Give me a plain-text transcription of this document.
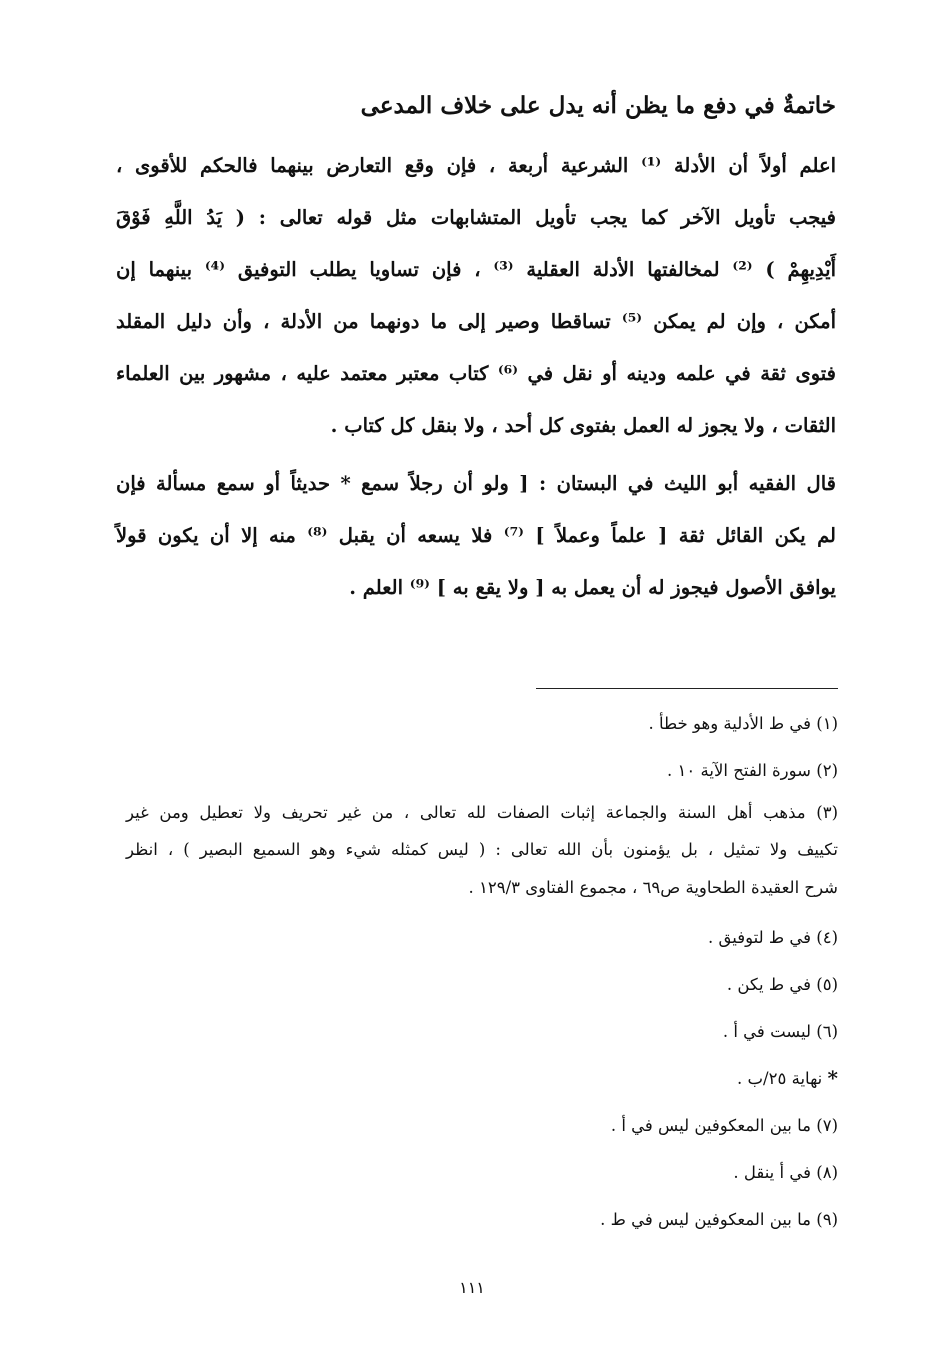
خاتمةٌ في دفع ما يظن أنه يدل على خلاف المدعى
اعلم أولاً أن الأدلة ⁽¹⁾ الشرعية أربعة ، فإن وقع التعارض بينهما فالحكم للأقوى ،
فيجب تأويل الآخر كما يجب تأويل المتشابهات مثل قوله تعالى : ( يَدُ اللَّهِ فَوْقَ
أَيْدِيهِمْ ) ⁽²⁾ لمخالفتها الأدلة العقلية ⁽³⁾ ، فإن تساويا يطلب التوفيق ⁽⁴⁾ بينهما إن
أمكن ، وإن لم يمكن ⁽⁵⁾ تساقطا وصير إلى ما دونهما من الأدلة ، وأن دليل المقلد
فتوى ثقة في علمه ودينه أو نقل في ⁽⁶⁾ كتاب معتبر معتمد عليه ، مشهور بين العلماء
الثقات ، ولا يجوز له العمل بفتوى كل أحد ، ولا بنقل كل كتاب .
قال الفقيه أبو الليث في البستان : [ ولو أن رجلاً سمع * حديثاً أو سمع مسألة فإن
لم يكن القائل ثقة [ علماً وعملاً ] ⁽⁷⁾ فلا يسعه أن يقبل ⁽⁸⁾ منه إلا أن يكون قولاً
يوافق الأصول فيجوز له أن يعمل به [ ولا يقع به ] ⁽⁹⁾ العلم .
(١) في ط الأدلية وهو خطأ .
(٢) سورة الفتح الآية ١٠ .
(٣) مذهب أهل السنة والجماعة إثبات الصفات لله تعالى ، من غير تحريف ولا تعطيل ومن غير
تكييف ولا تمثيل ، بل يؤمنون بأن الله تعالى : ( ليس كمثله شيء وهو السميع البصير ) ، انظر
شرح العقيدة الطحاوية ص٦٩ ، مجموع الفتاوى ١٢٩/٣ .
(٤) في ط لتوفيق .
(٥) في ط يكن .
(٦) ليست في أ .
* نهاية ٢٥/ب .
(٧) ما بين المعكوفين ليس في أ .
(٨) في أ ينقل .
(٩) ما بين المعكوفين ليس في ط .
١١١
